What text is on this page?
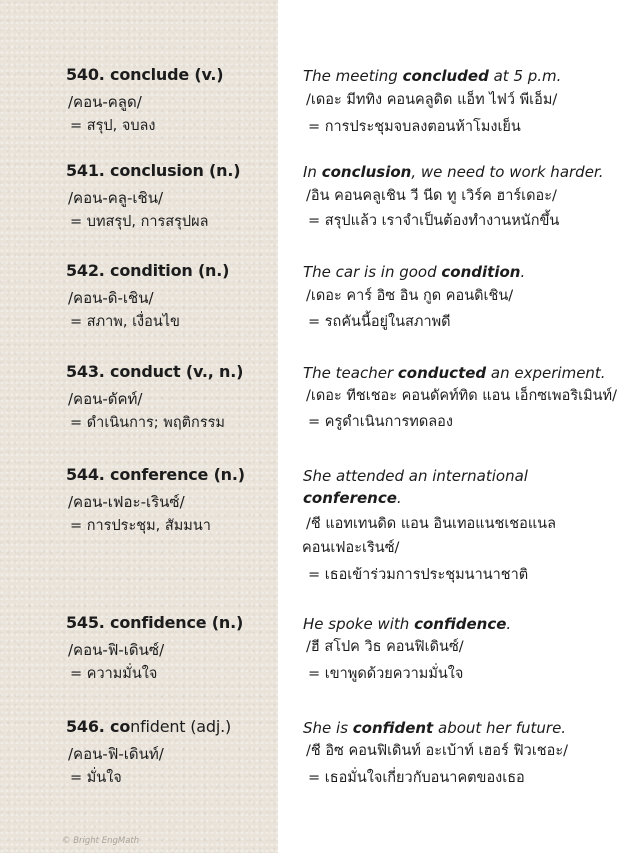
540. conclude (v.)
/คอน-คลูด/
= สรุป, จบลง
The meeting concluded at 5 p.m.
/เดอะ มีททิง คอนคลูดิด แอ็ท ไฟว์ พีเอ็ม/
= การประชุมจบลงตอนห้าโมงเย็น
541. conclusion (n.)
/คอน-คลู-เชิน/
= บทสรุป, การสรุปผล
In conclusion, we need to work harder.
/อิน คอนคลูเชิน วี นีด ทู เวิร์ค ฮาร์เดอะ/
= สรุปแล้ว เราจำเป็นต้องทำงานหนักขึ้น
542. condition (n.)
/คอน-ดิ-เชิน/
= สภาพ, เงื่อนไข
The car is in good condition.
/เดอะ คาร์ อิซ อิน กูด คอนดิเชิน/
= รถคันนี้อยู่ในสภาพดี
543. conduct (v., n.)
/คอน-ดัคท์/
= ดำเนินการ; พฤติกรรม
The teacher conducted an experiment.
/เดอะ ทีชเชอะ คอนดัคท์ทิด แอน เอ็กซเพอริเมินท์/
= ครูดำเนินการทดลอง
544. conference (n.)
/คอน-เฟอะ-เรินซ์/
= การประชุม, สัมมนา
She attended an international
conference.
/ชี แอทเทนดิด แอน อินเทอแนชเชอแนล
คอนเฟอะเรินซ์/
= เธอเข้าร่วมการประชุมนานาชาติ
545. confidence (n.)
/คอน-ฟิ-เดินซ์/
= ความมั่นใจ
He spoke with confidence.
/ฮี สโปค วิธ คอนฟิเดินซ์/
= เขาพูดด้วยความมั่นใจ
546. confident (adj.)
/คอน-ฟิ-เดินท์/
= มั่นใจ
She is confident about her future.
/ชี อิซ คอนฟิเดินท์ อะเบ้าท์ เฮอร์ ฟิวเชอะ/
= เธอมั่นใจเกี่ยวกับอนาคตของเธอ
© Bright EngMath
